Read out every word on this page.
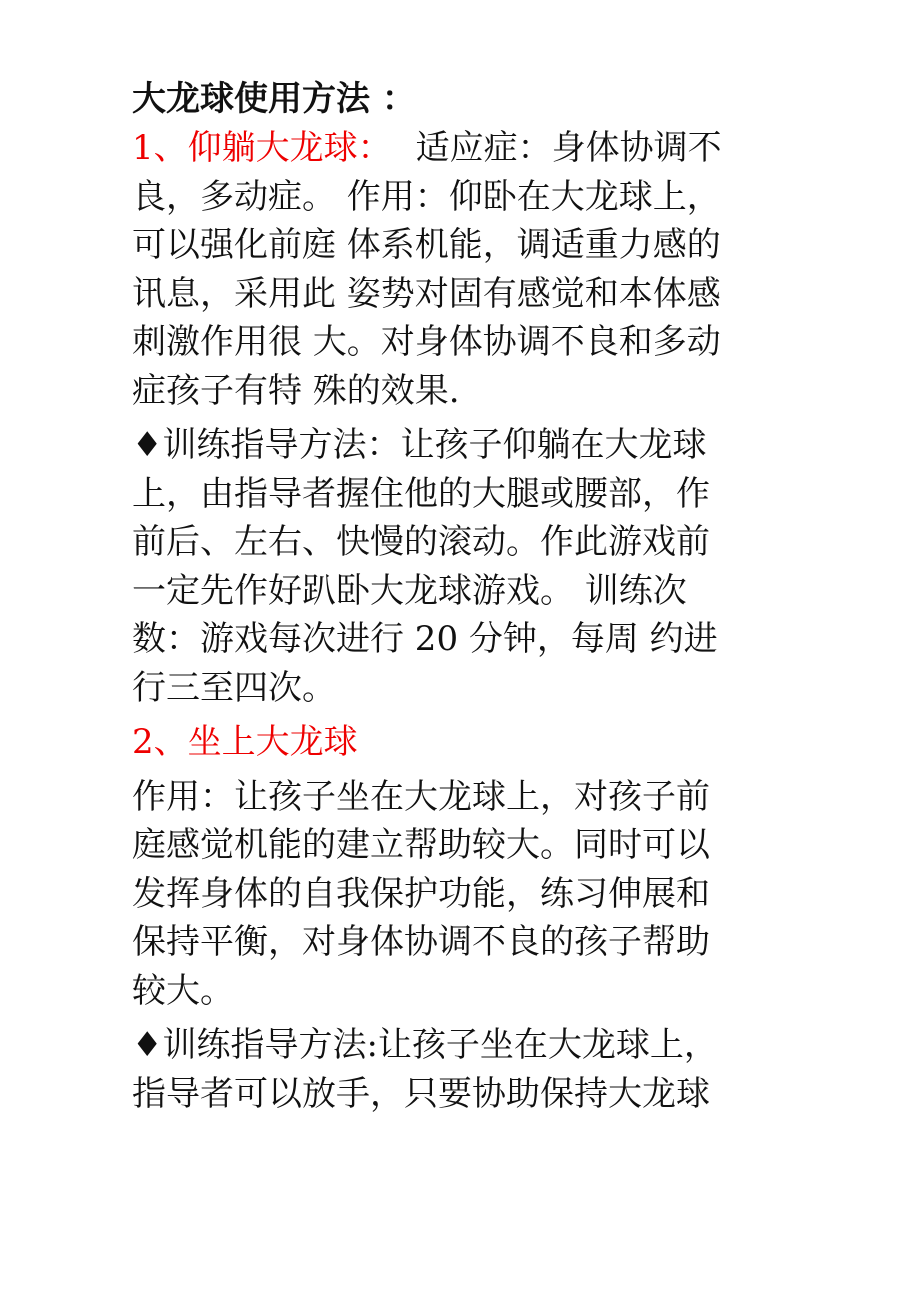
大龙球使用方法 ：
1、仰躺大龙球： 适应症：身体协调不
良，多动症。 作用：仰卧在大龙球上，
可以强化前庭 体系机能，调适重力感的
讯息，采用此 姿势对固有感觉和本体感
刺激作用很 大。对身体协调不良和多动
症孩子有特 殊的效果.
♦训练指导方法：让孩子仰躺在大龙球
上，由指导者握住他的大腿或腰部，作
前后、左右、快慢的滚动。作此游戏前
一定先作好趴卧大龙球游戏。 训练次
数：游戏每次进行 20 分钟，每周 约进
行三至四次。
2、坐上大龙球
作用：让孩子坐在大龙球上，对孩子前
庭感觉机能的建立帮助较大。同时可以
发挥身体的自我保护功能，练习伸展和
保持平衡，对身体协调不良的孩子帮助
较大。
♦训练指导方法:让孩子坐在大龙球上，
指导者可以放手，只要协助保持大龙球
